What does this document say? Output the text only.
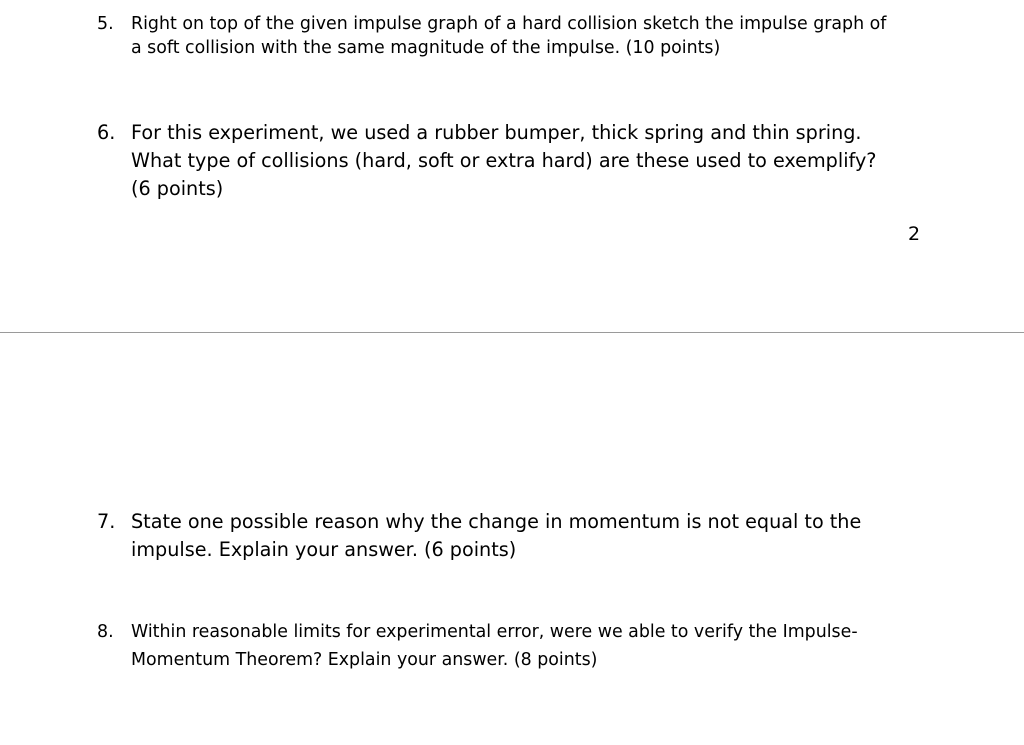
5. Right on top of the given impulse graph of a hard collision sketch the impulse graph of
a soft collision with the same magnitude of the impulse. (10 points)
6. For this experiment, we used a rubber bumper, thick spring and thin spring.
What type of collisions (hard, soft or extra hard) are these used to exemplify?
(6 points)
2
7. State one possible reason why the change in momentum is not equal to the
impulse. Explain your answer. (6 points)
8. Within reasonable limits for experimental error, were we able to verify the Impulse-
Momentum Theorem? Explain your answer. (8 points)
